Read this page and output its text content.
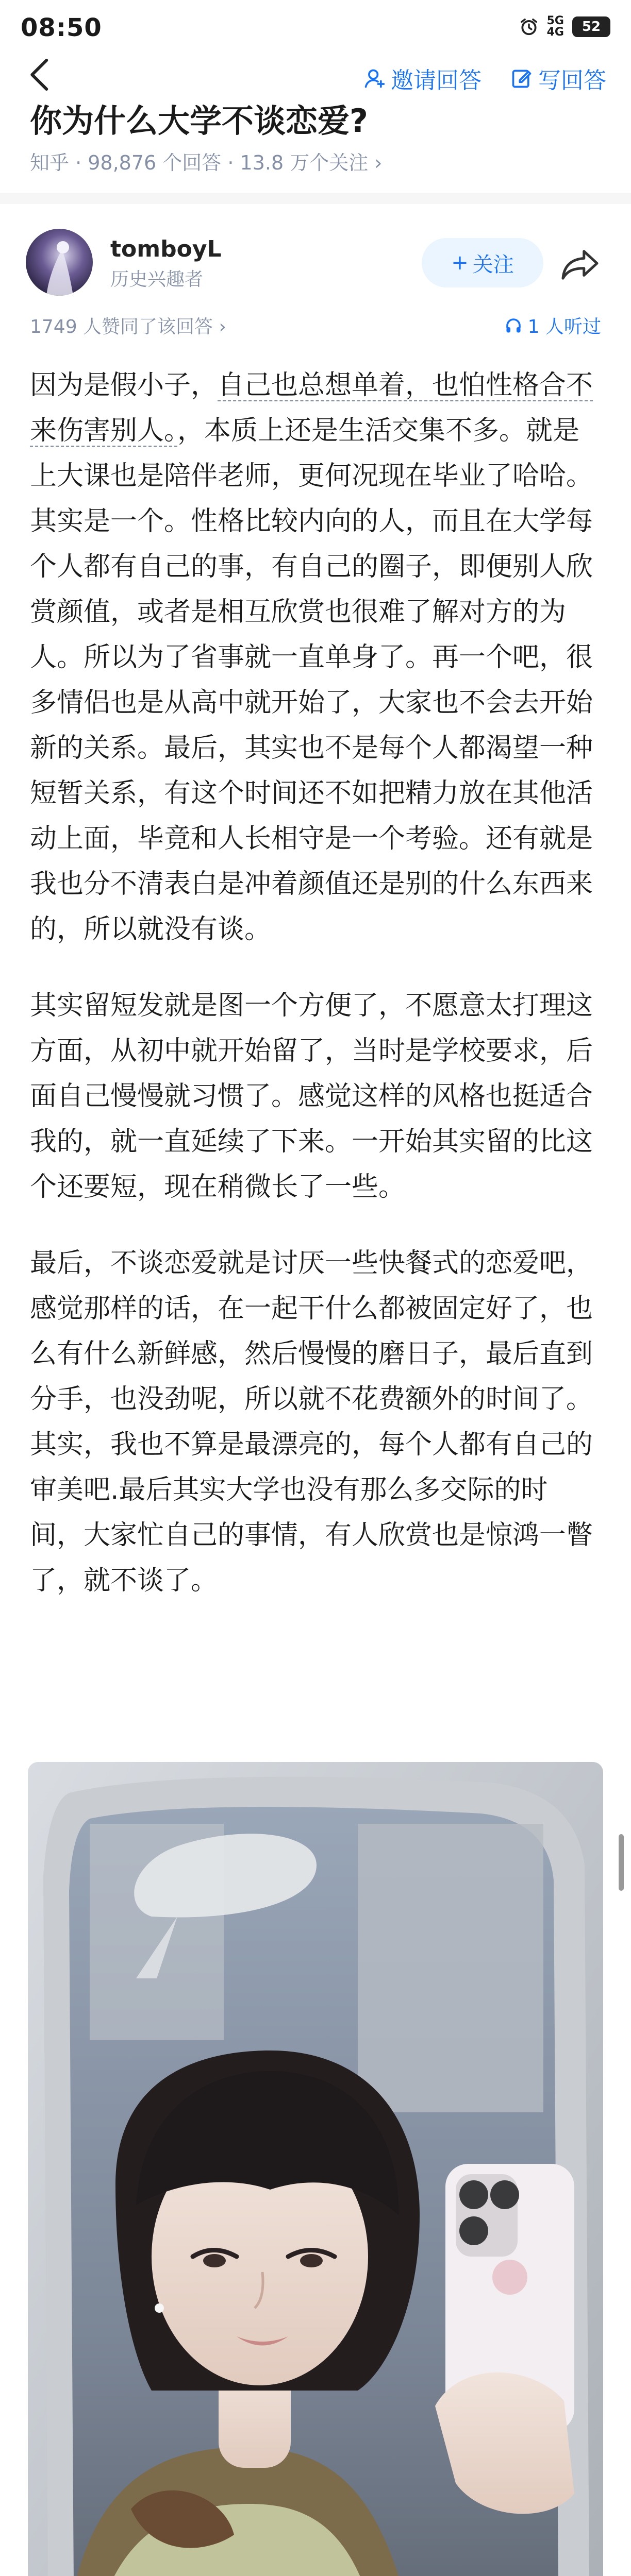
08:50	5G
4G 52
邀请回答	写回答
你为什么大学不谈恋爱?
知乎 · 98,876 个回答 · 13.8 万个关注 ›
tomboyL
历史兴趣者
+ 关注
1749 人赞同了该回答 ›	1 人听过

因为是假小子，自己也总想单着，也怕性格合不来伤害别人。，本质上还是生活交集不多。就是上大课也是陪伴老师，更何况现在毕业了哈哈。其实是一个。性格比较内向的人，而且在大学每个人都有自己的事，有自己的圈子，即便别人欣赏颜值，或者是相互欣赏也很难了解对方的为人。所以为了省事就一直单身了。再一个吧，很多情侣也是从高中就开始了，大家也不会去开始新的关系。最后，其实也不是每个人都渴望一种短暂关系，有这个时间还不如把精力放在其他活动上面，毕竟和人长相守是一个考验。还有就是我也分不清表白是冲着颜值还是别的什么东西来的，所以就没有谈。

其实留短发就是图一个方便了，不愿意太打理这方面，从初中就开始留了，当时是学校要求，后面自己慢慢就习惯了。感觉这样的风格也挺适合我的，就一直延续了下来。一开始其实留的比这个还要短，现在稍微长了一些。

最后，不谈恋爱就是讨厌一些快餐式的恋爱吧，感觉那样的话，在一起干什么都被固定好了，也么有什么新鲜感，然后慢慢的磨日子，最后直到分手，也没劲呢，所以就不花费额外的时间了。其实，我也不算是最漂亮的，每个人都有自己的审美吧.最后其实大学也没有那么多交际的时间，大家忙自己的事情，有人欣赏也是惊鸿一瞥了，就不谈了。
